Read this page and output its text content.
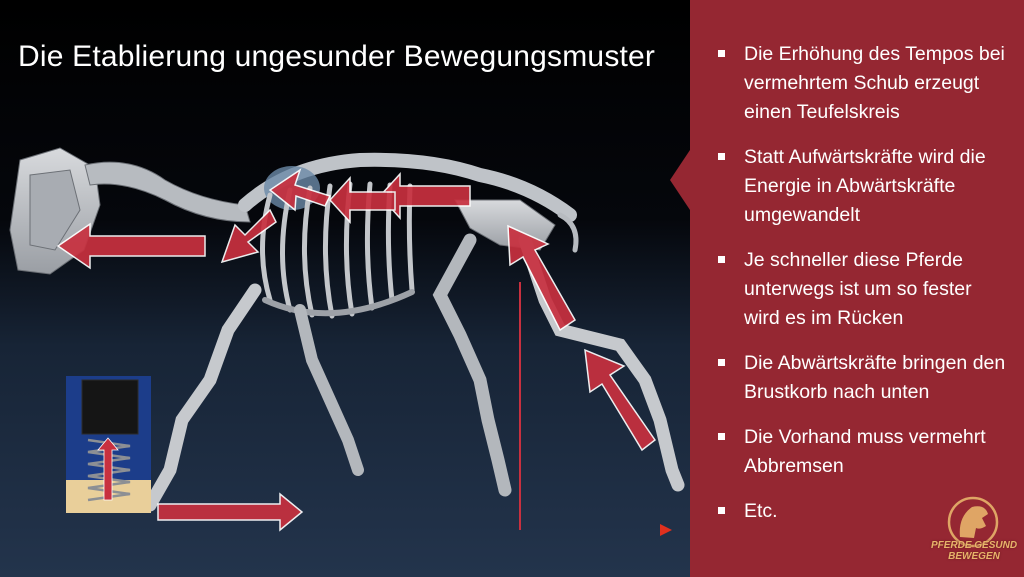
Die Etablierung ungesunder Bewegungsmuster	Die Erhöhung des Tempos bei vermehrtem Schub erzeugt einen Teufelskreis
Statt Aufwärtskräfte wird die Energie in Abwärtskräfte umgewandelt
Je schneller diese Pferde unterwegs ist um so fester wird es im Rücken
Die Abwärtskräfte bringen den Brustkorb nach unten
Die Vorhand muss vermehrt Abbremsen
Etc.
PFERDE GESUND
BEWEGEN
